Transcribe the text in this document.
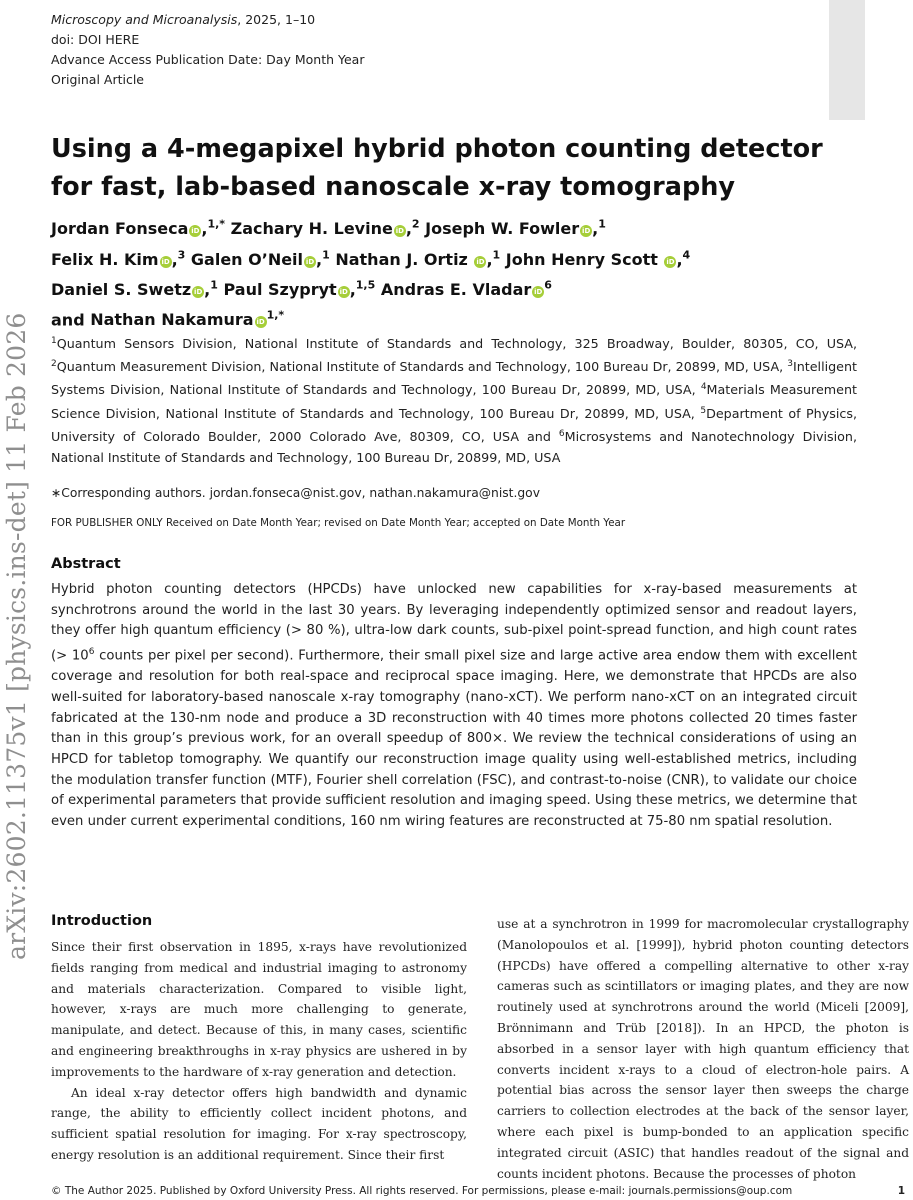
Microscopy and Microanalysis, 2025, 1–10
doi: DOI HERE
Advance Access Publication Date: Day Month Year
Original Article
arXiv:2602.11375v1 [physics.ins-det] 11 Feb 2026
Using a 4-megapixel hybrid photon counting detector for fast, lab-based nanoscale x-ray tomography
Jordan Fonseca iD ,$^{1,*}$ Zachary H. Levine iD ,$^2$ Joseph W. Fowler iD ,$^1$
Felix H. Kim iD ,$^3$ Galen O’Neil iD ,$^1$ Nathan J. Ortiz iD ,$^1$ John Henry Scott iD ,$^4$
Daniel S. Swetz iD ,$^1$ Paul Szypryt iD ,$^{1,5}$ Andras E. Vladar $iD^6$
and Nathan Nakamura $iD^{1,*}$
$^1$Quantum Sensors Division, National Institute of Standards and Technology, 325 Broadway, Boulder, 80305, CO, USA, $^2$Quantum Measurement Division, National Institute of Standards and Technology, 100 Bureau Dr, 20899, MD, USA, $^3$Intelligent Systems Division, National Institute of Standards and Technology, 100 Bureau Dr, 20899, MD, USA, $^4$Materials Measurement Science Division, National Institute of Standards and Technology, 100 Bureau Dr, 20899, MD, USA, $^5$Department of Physics, University of Colorado Boulder, 2000 Colorado Ave, 80309, CO, USA and $^6$Microsystems and Nanotechnology Division, National Institute of Standards and Technology, 100 Bureau Dr, 20899, MD, USA
∗Corresponding authors. jordan.fonseca@nist.gov, nathan.nakamura@nist.gov
FOR PUBLISHER ONLY Received on Date Month Year; revised on Date Month Year; accepted on Date Month Year
Abstract
Hybrid photon counting detectors (HPCDs) have unlocked new capabilities for x-ray-based measurements at synchrotrons around the world in the last 30 years. By leveraging independently optimized sensor and readout layers, they offer high quantum efficiency (> 80 %), ultra-low dark counts, sub-pixel point-spread function, and high count rates (> $10^6$ counts per pixel per second). Furthermore, their small pixel size and large active area endow them with excellent coverage and resolution for both real-space and reciprocal space imaging. Here, we demonstrate that HPCDs are also well-suited for laboratory-based nanoscale x-ray tomography (nano-xCT). We perform nano-xCT on an integrated circuit fabricated at the 130-nm node and produce a 3D reconstruction with 40 times more photons collected 20 times faster than in this group’s previous work, for an overall speedup of 800×. We review the technical considerations of using an HPCD for tabletop tomography. We quantify our reconstruction image quality using well-established metrics, including the modulation transfer function (MTF), Fourier shell correlation (FSC), and contrast-to-noise (CNR), to validate our choice of experimental parameters that provide sufficient resolution and imaging speed. Using these metrics, we determine that even under current experimental conditions, 160 nm wiring features are reconstructed at 75-80 nm spatial resolution.
Introduction

Since their first observation in 1895, x-rays have revolutionized fields ranging from medical and industrial imaging to astronomy and materials characterization. Compared to visible light, however, x-rays are much more challenging to generate, manipulate, and detect. Because of this, in many cases, scientific and engineering breakthroughs in x-ray physics are ushered in by improvements to the hardware of x-ray generation and detection.

An ideal x-ray detector offers high bandwidth and dynamic range, the ability to efficiently collect incident photons, and sufficient spatial resolution for imaging. For x-ray spectroscopy, energy resolution is an additional requirement. Since their first

use at a synchrotron in 1999 for macromolecular crystallography (Manolopoulos et al. [1999]), hybrid photon counting detectors (HPCDs) have offered a compelling alternative to other x-ray cameras such as scintillators or imaging plates, and they are now routinely used at synchrotrons around the world (Miceli [2009], Brönnimann and Trüb [2018]). In an HPCD, the photon is absorbed in a sensor layer with high quantum efficiency that converts incident x-rays to a cloud of electron-hole pairs. A potential bias across the sensor layer then sweeps the charge carriers to collection electrodes at the back of the sensor layer, where each pixel is bump-bonded to an application specific integrated circuit (ASIC) that handles readout of the signal and counts incident photons. Because the processes of photon

© The Author 2025. Published by Oxford University Press. All rights reserved. For permissions, please e-mail: journals.permissions@oup.com	1
